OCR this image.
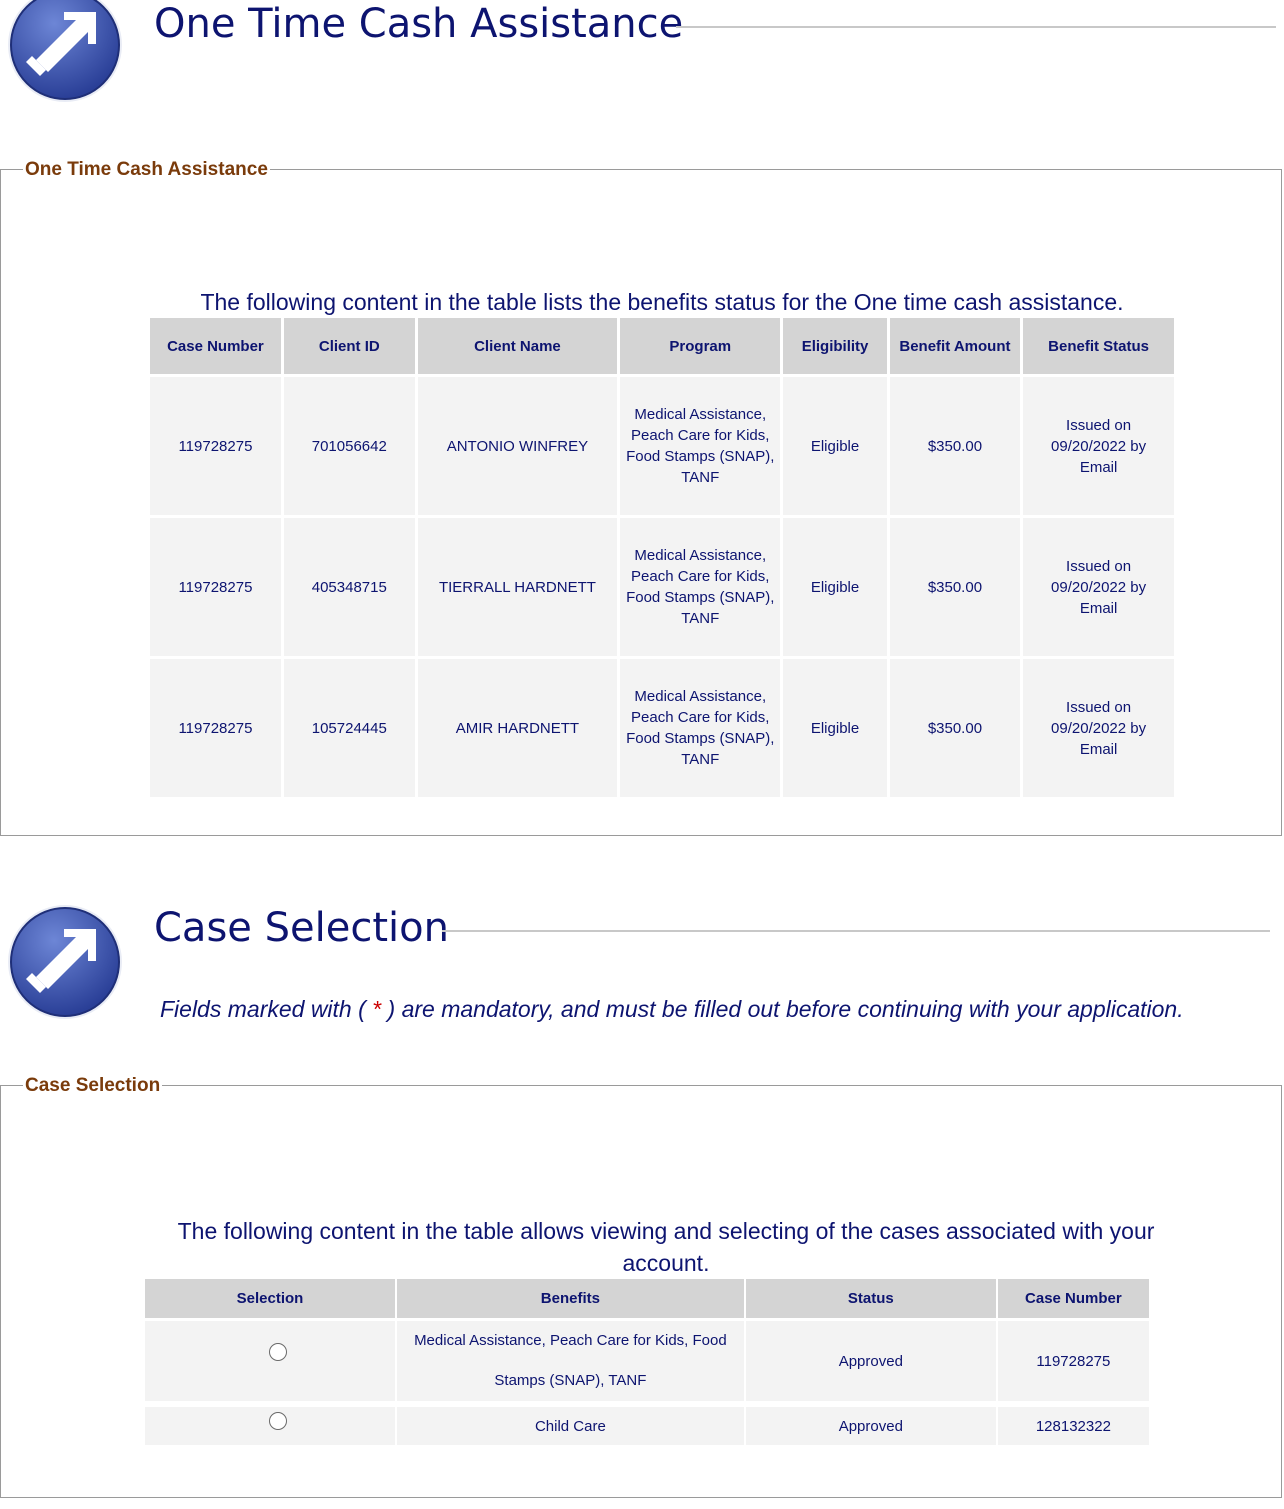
One Time Cash Assistance
One Time Cash Assistance
The following content in the table lists the benefits status for the One time cash assistance.
Case Number	Client ID	Client Name	Program	Eligibility	Benefit Amount	Benefit Status
119728275	701056642	ANTONIO WINFREY	Medical Assistance, Peach Care for Kids, Food Stamps (SNAP), TANF	Eligible	$350.00	Issued on 09/20/2022 by Email
119728275	405348715	TIERRALL HARDNETT	Medical Assistance, Peach Care for Kids, Food Stamps (SNAP), TANF	Eligible	$350.00	Issued on 09/20/2022 by Email
119728275	105724445	AMIR HARDNETT	Medical Assistance, Peach Care for Kids, Food Stamps (SNAP), TANF	Eligible	$350.00	Issued on 09/20/2022 by Email
Case Selection
Fields marked with ( * ) are mandatory, and must be filled out before continuing with your application.
Case Selection
The following content in the table allows viewing and selecting of the cases associated with your account.
Selection	Benefits	Status	Case Number
	Medical Assistance, Peach Care for Kids, Food Stamps (SNAP), TANF	Approved	119728275

	Child Care	Approved	128132322
